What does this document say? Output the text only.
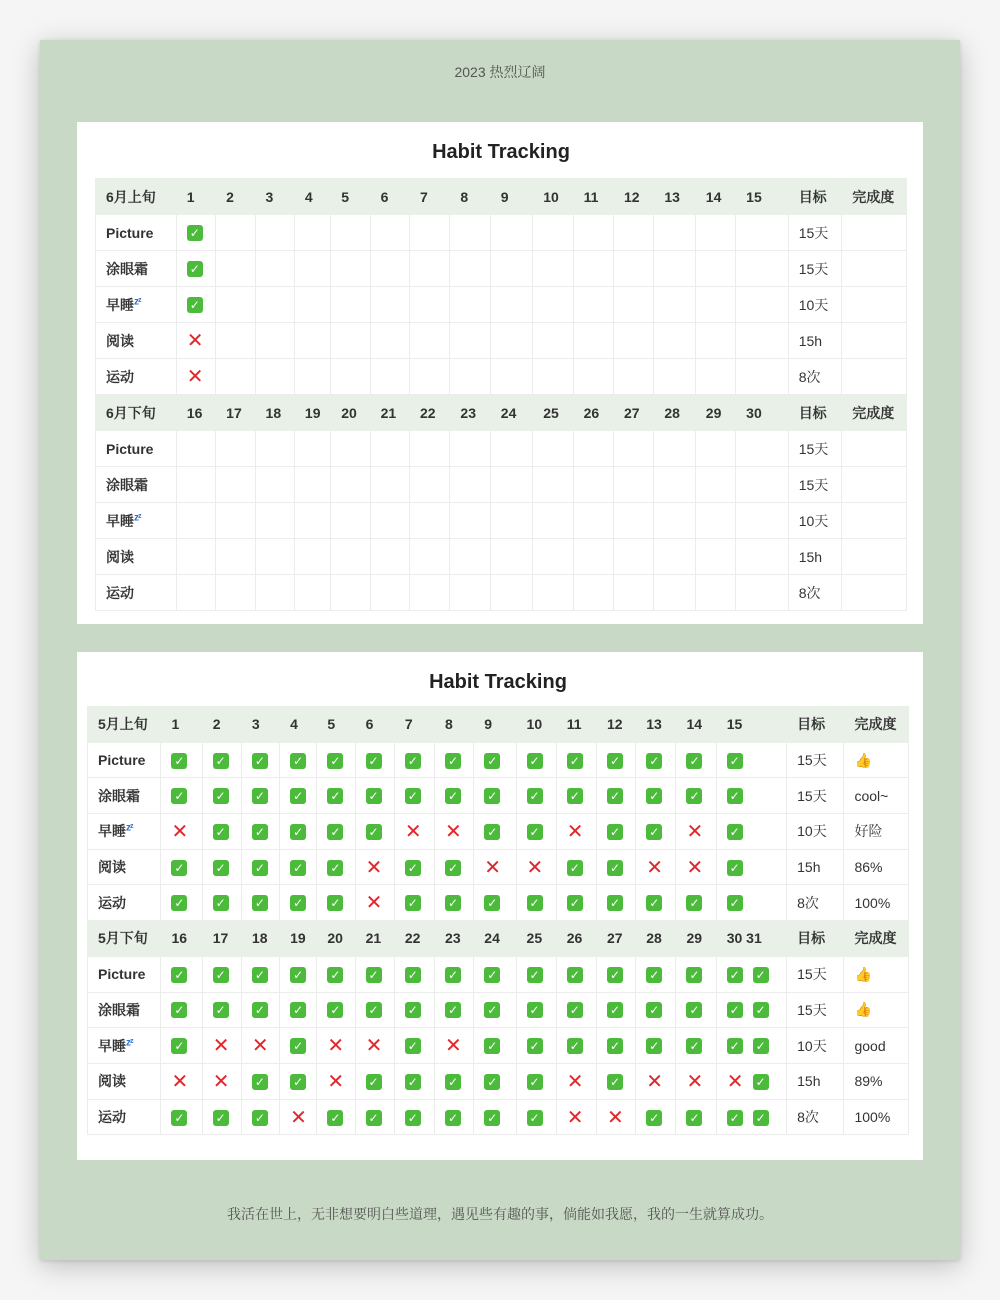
2023 热烈辽阔
Habit Tracking
6月上旬	1	2	3	4	5	6	7	8	9	10	11	12	13	14	15	目标	完成度
Picture	✓															15天	
涂眼霜	✓															15天	
早睡$^{zᶻ}$	✓															10天	
阅读	✕															15h	
运动	✕															8次	
6月下旬	16	17	18	19	20	21	22	23	24	25	26	27	28	29	30	目标	完成度
Picture																15天	
涂眼霜																15天	
早睡$^{zᶻ}$																10天	
阅读																15h	
运动																8次	
Habit Tracking
5月上旬	1	2	3	4	5	6	7	8	9	10	11	12	13	14	15	目标	完成度
Picture	✓	✓	✓	✓	✓	✓	✓	✓	✓	✓	✓	✓	✓	✓	✓	15天	👍
涂眼霜	✓	✓	✓	✓	✓	✓	✓	✓	✓	✓	✓	✓	✓	✓	✓	15天	cool~
早睡$^{zᶻ}$	✕	✓	✓	✓	✓	✓	✕	✕	✓	✓	✕	✓	✓	✕	✓	10天	好险
阅读	✓	✓	✓	✓	✓	✕	✓	✓	✕	✕	✓	✓	✕	✕	✓	15h	86%
运动	✓	✓	✓	✓	✓	✕	✓	✓	✓	✓	✓	✓	✓	✓	✓	8次	100%
5月下旬	16	17	18	19	20	21	22	23	24	25	26	27	28	29	30 31	目标	完成度
Picture	✓	✓	✓	✓	✓	✓	✓	✓	✓	✓	✓	✓	✓	✓	✓ ✓	15天	👍
涂眼霜	✓	✓	✓	✓	✓	✓	✓	✓	✓	✓	✓	✓	✓	✓	✓ ✓	15天	👍
早睡$^{zᶻ}$	✓	✕	✕	✓	✕	✕	✓	✕	✓	✓	✓	✓	✓	✓	✓ ✓	10天	good
阅读	✕	✕	✓	✓	✕	✓	✓	✓	✓	✓	✕	✓	✕	✕	✕ ✓	15h	89%
运动	✓	✓	✓	✕	✓	✓	✓	✓	✓	✓	✕	✕	✓	✓	✓ ✓	8次	100%
我活在世上，无非想要明白些道理，遇见些有趣的事，倘能如我愿，我的一生就算成功。
